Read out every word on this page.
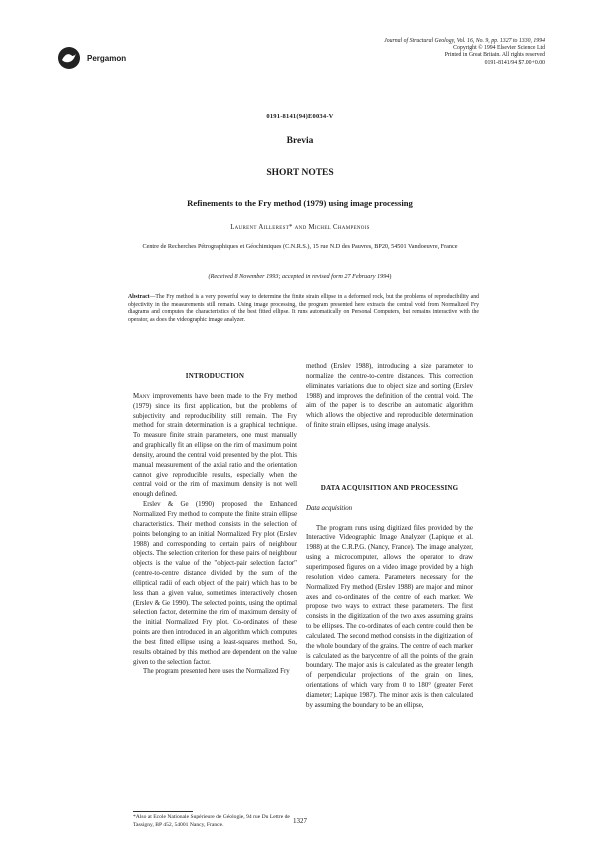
Pergamon
Journal of Structural Geology, Vol. 16, No. 9, pp. 1327 to 1330, 1994
Copyright © 1994 Elsevier Science Ltd
Printed in Great Britain. All rights reserved
0191-8141/94 $7.00+0.00
0191-8141(94)E0034-V
Brevia
SHORT NOTES
Refinements to the Fry method (1979) using image processing
Laurent Aillerest* and Michel Champenois
Centre de Recherches Pétrographiques et Géochimiques (C.N.R.S.), 15 rue N.D des Pauvres, BP20, 54501 Vandoeuvre, France
(Received 8 November 1993; accepted in revised form 27 February 1994)
Abstract—The Fry method is a very powerful way to determine the finite strain ellipse in a deformed rock, but the problems of reproducibility and objectivity in the measurements still remain. Using image processing, the program presented here extracts the central void from Normalized Fry diagrams and computes the characteristics of the best fitted ellipse. It runs automatically on Personal Computers, but remains interactive with the operator, as does the videographic image analyzer.
INTRODUCTION

Many improvements have been made to the Fry method (1979) since its first application, but the problems of subjectivity and reproducibility still remain. The Fry method for strain determination is a graphical technique. To measure finite strain parameters, one must manually and graphically fit an ellipse on the rim of maximum point density, around the central void presented by the plot. This manual measurement of the axial ratio and the orientation cannot give reproducible results, especially when the central void or the rim of maximum density is not well enough defined.

Erslev & Ge (1990) proposed the Enhanced Normalized Fry method to compute the finite strain ellipse characteristics. Their method consists in the selection of points belonging to an initial Normalized Fry plot (Erslev 1988) and corresponding to certain pairs of neighbour objects. The selection criterion for these pairs of neighbour objects is the value of the "object-pair selection factor" (centre-to-centre distance divided by the sum of the elliptical radii of each object of the pair) which has to be less than a given value, sometimes interactively chosen (Erslev & Ge 1990). The selected points, using the optimal selection factor, determine the rim of maximum density of the initial Normalized Fry plot. Co-ordinates of these points are then introduced in an algorithm which computes the best fitted ellipse using a least-squares method. So, results obtained by this method are dependent on the value given to the selection factor.

The program presented here uses the Normalized Fry

method (Erslev 1988), introducing a size parameter to normalize the centre-to-centre distances. This correction eliminates variations due to object size and sorting (Erslev 1988) and improves the definition of the central void. The aim of the paper is to describe an automatic algorithm which allows the objective and reproducible determination of finite strain ellipses, using image analysis.

DATA ACQUISITION AND PROCESSING
Data acquisition

The program runs using digitized files provided by the Interactive Videographic Image Analyzer (Lapique et al. 1988) at the C.R.P.G. (Nancy, France). The image analyzer, using a microcomputer, allows the operator to draw superimposed figures on a video image provided by a high resolution video camera. Parameters necessary for the Normalized Fry method (Erslev 1988) are major and minor axes and co-ordinates of the centre of each marker. We propose two ways to extract these parameters. The first consists in the digitization of the two axes assuming grains to be ellipses. The co-ordinates of each centre could then be calculated. The second method consists in the digitization of the whole boundary of the grains. The centre of each marker is calculated as the barycentre of all the points of the grain boundary. The major axis is calculated as the greater length of perpendicular projections of the grain on lines, orientations of which vary from 0 to 180° (greater Feret diameter; Lapique 1987). The minor axis is then calculated by assuming the boundary to be an ellipse,

*Also at Ecole Nationale Supérieure de Géologie, 94 rue Du Lettre de Tassigny, BP 452, 54001 Nancy, France.	1327
